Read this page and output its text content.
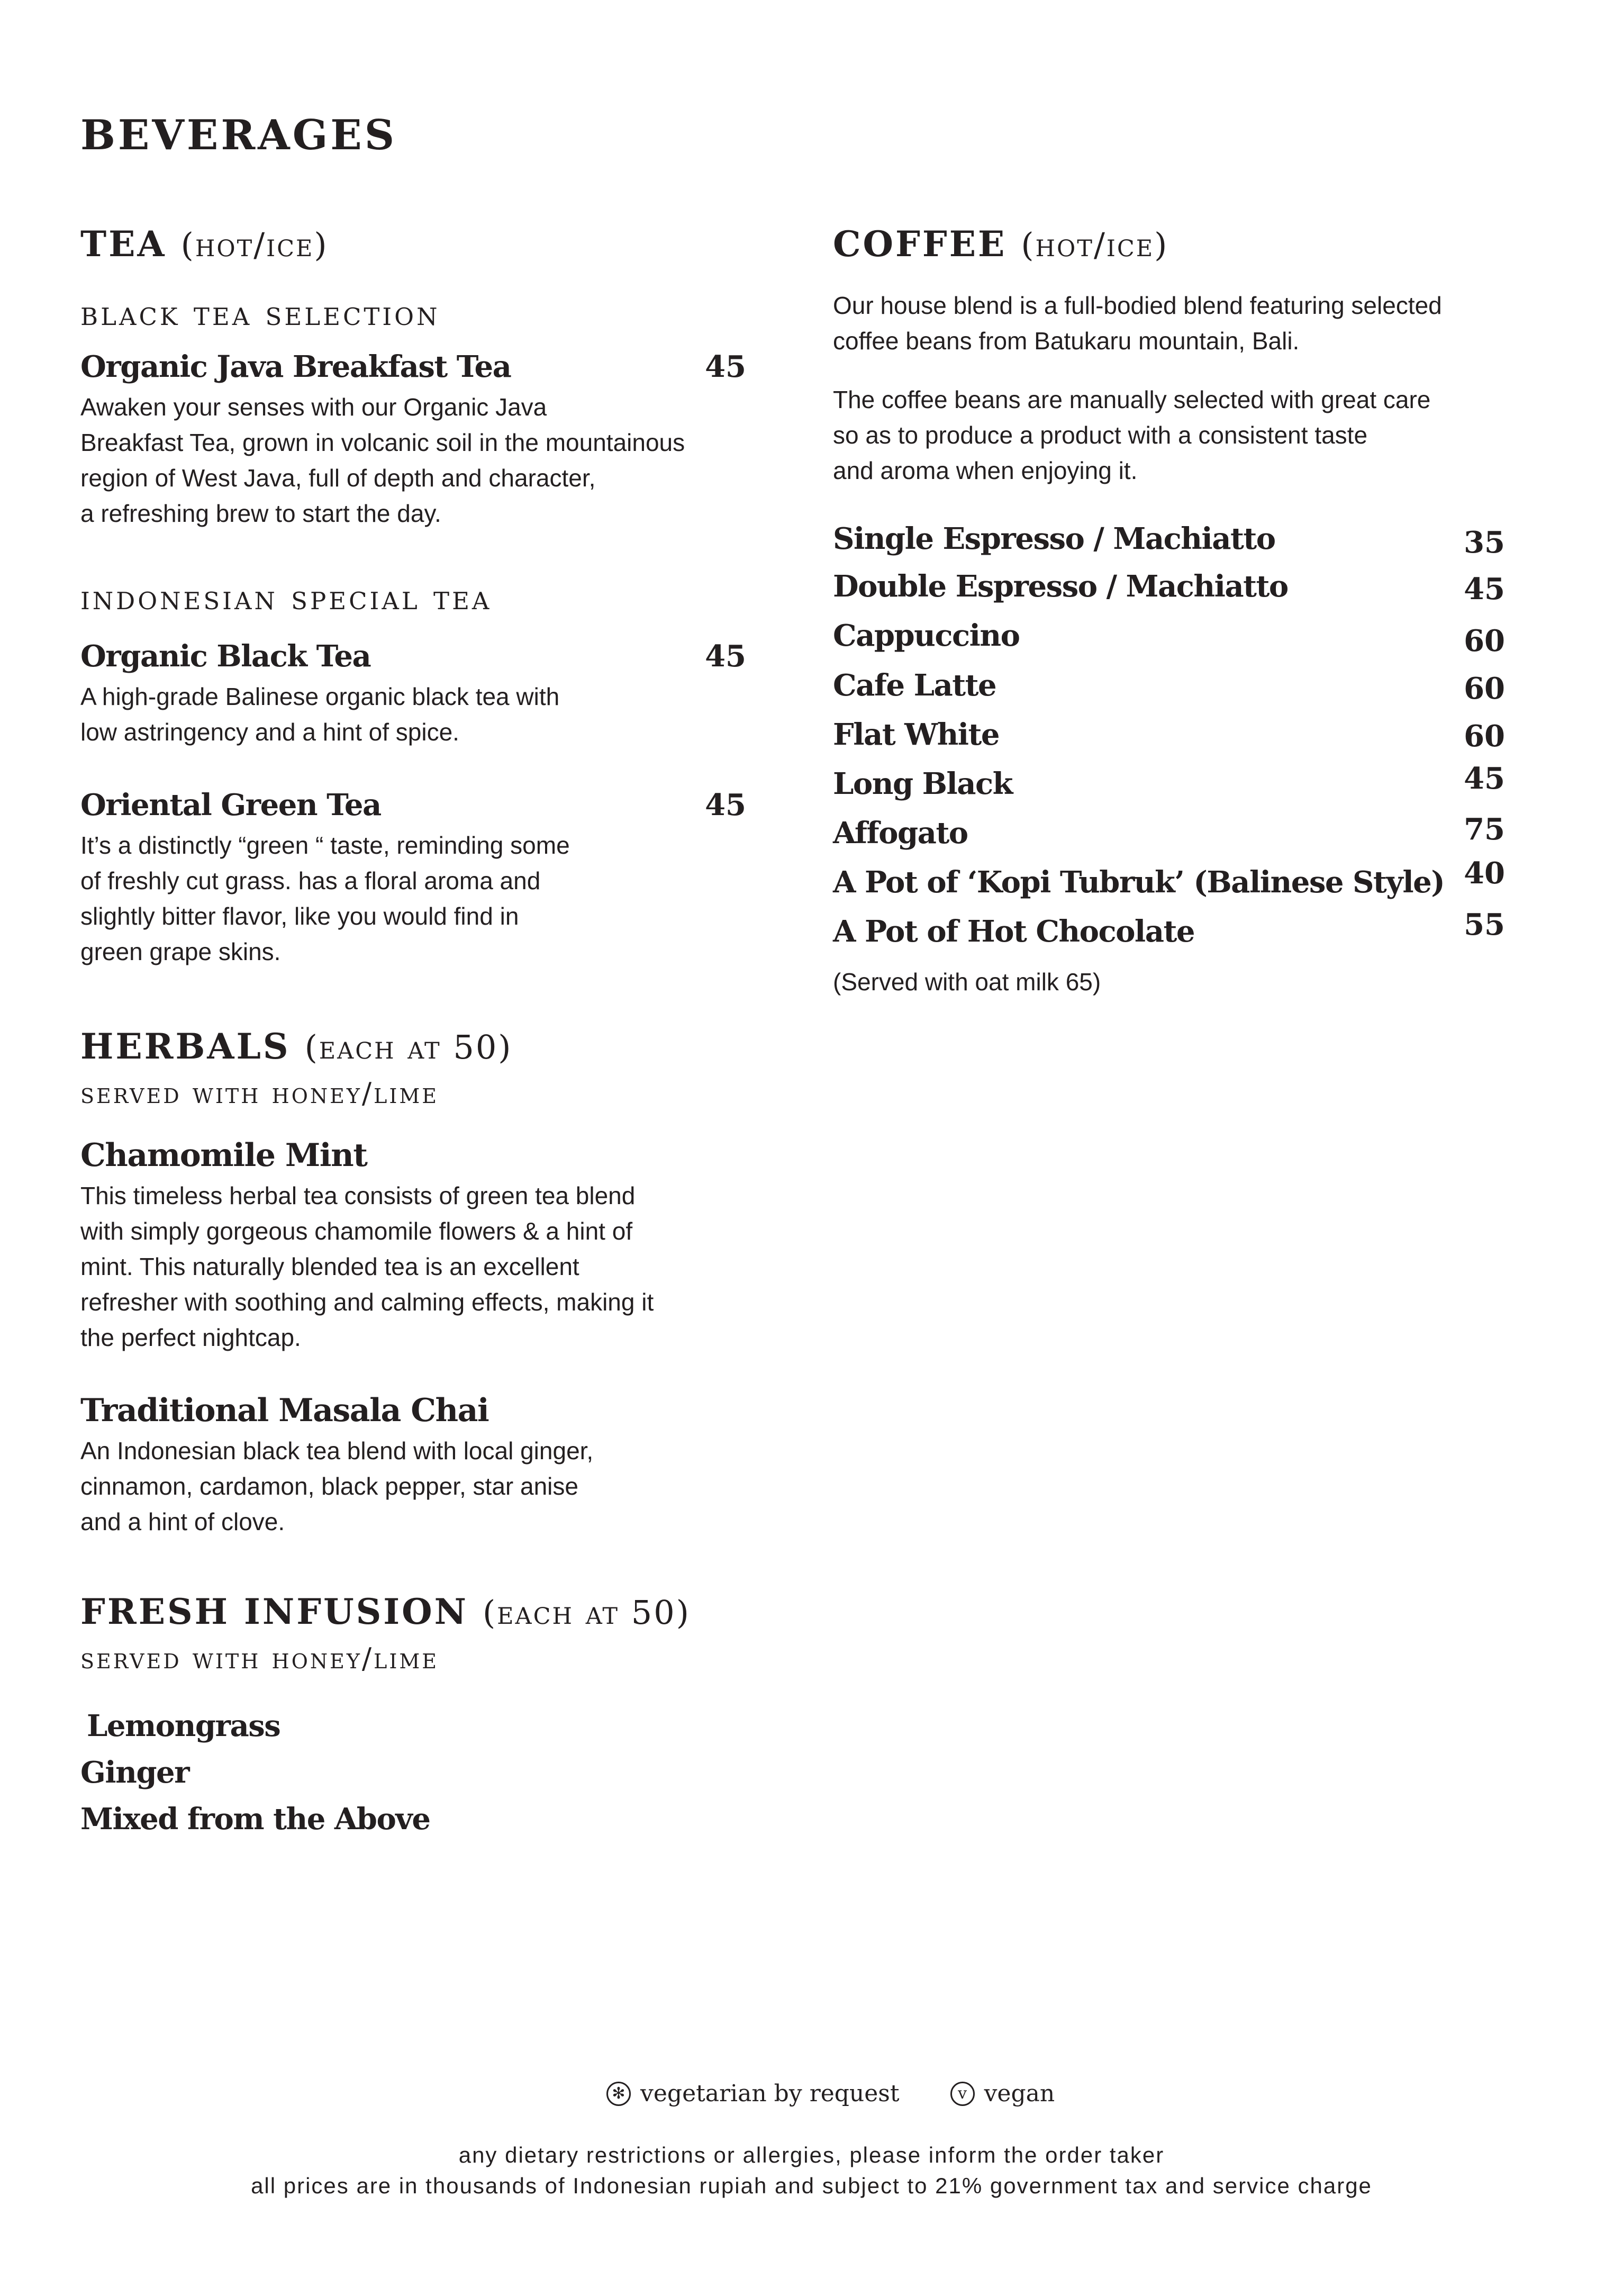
BEVERAGES
TEA (hot/ice)
black tea selection
Organic Java Breakfast Tea	45
Awaken your senses with our Organic Java
Breakfast Tea, grown in volcanic soil in the mountainous
region of West Java, full of depth and character,
a refreshing brew to start the day.
indonesian special tea
Organic Black Tea	45
A high-grade Balinese organic black tea with
low astringency and a hint of spice.
Oriental Green Tea	45
It’s a distinctly “green “ taste, reminding some
of freshly cut grass. has a floral aroma and
slightly bitter flavor, like you would find in
green grape skins.
HERBALS (each at 50)
served with honey/lime
Chamomile Mint
This timeless herbal tea consists of green tea blend
with simply gorgeous chamomile flowers & a hint of
mint. This naturally blended tea is an excellent
refresher with soothing and calming effects, making it
the perfect nightcap.
Traditional Masala Chai
An Indonesian black tea blend with local ginger,
cinnamon, cardamon, black pepper, star anise
and a hint of clove.
FRESH INFUSION (each at 50)
served with honey/lime
Lemongrass
Ginger
Mixed from the Above
COFFEE (hot/ice)
Our house blend is a full-bodied blend featuring selected
coffee beans from Batukaru mountain, Bali.
The coffee beans are manually selected with great care
so as to produce a product with a consistent taste
and aroma when enjoying it.
Single Espresso / Machiatto	35
Double Espresso / Machiatto	45
Cappuccino	60
Cafe Latte	60
Flat White	60
Long Black	45
Affogato	75
A Pot of ‘Kopi Tubruk’ (Balinese Style) 40
A Pot of Hot Chocolate	55
(Served with oat milk 65)
✻ vegetarian by request	v vegan
any dietary restrictions or allergies, please inform the order taker
all prices are in thousands of Indonesian rupiah and subject to 21% government tax and service charge
